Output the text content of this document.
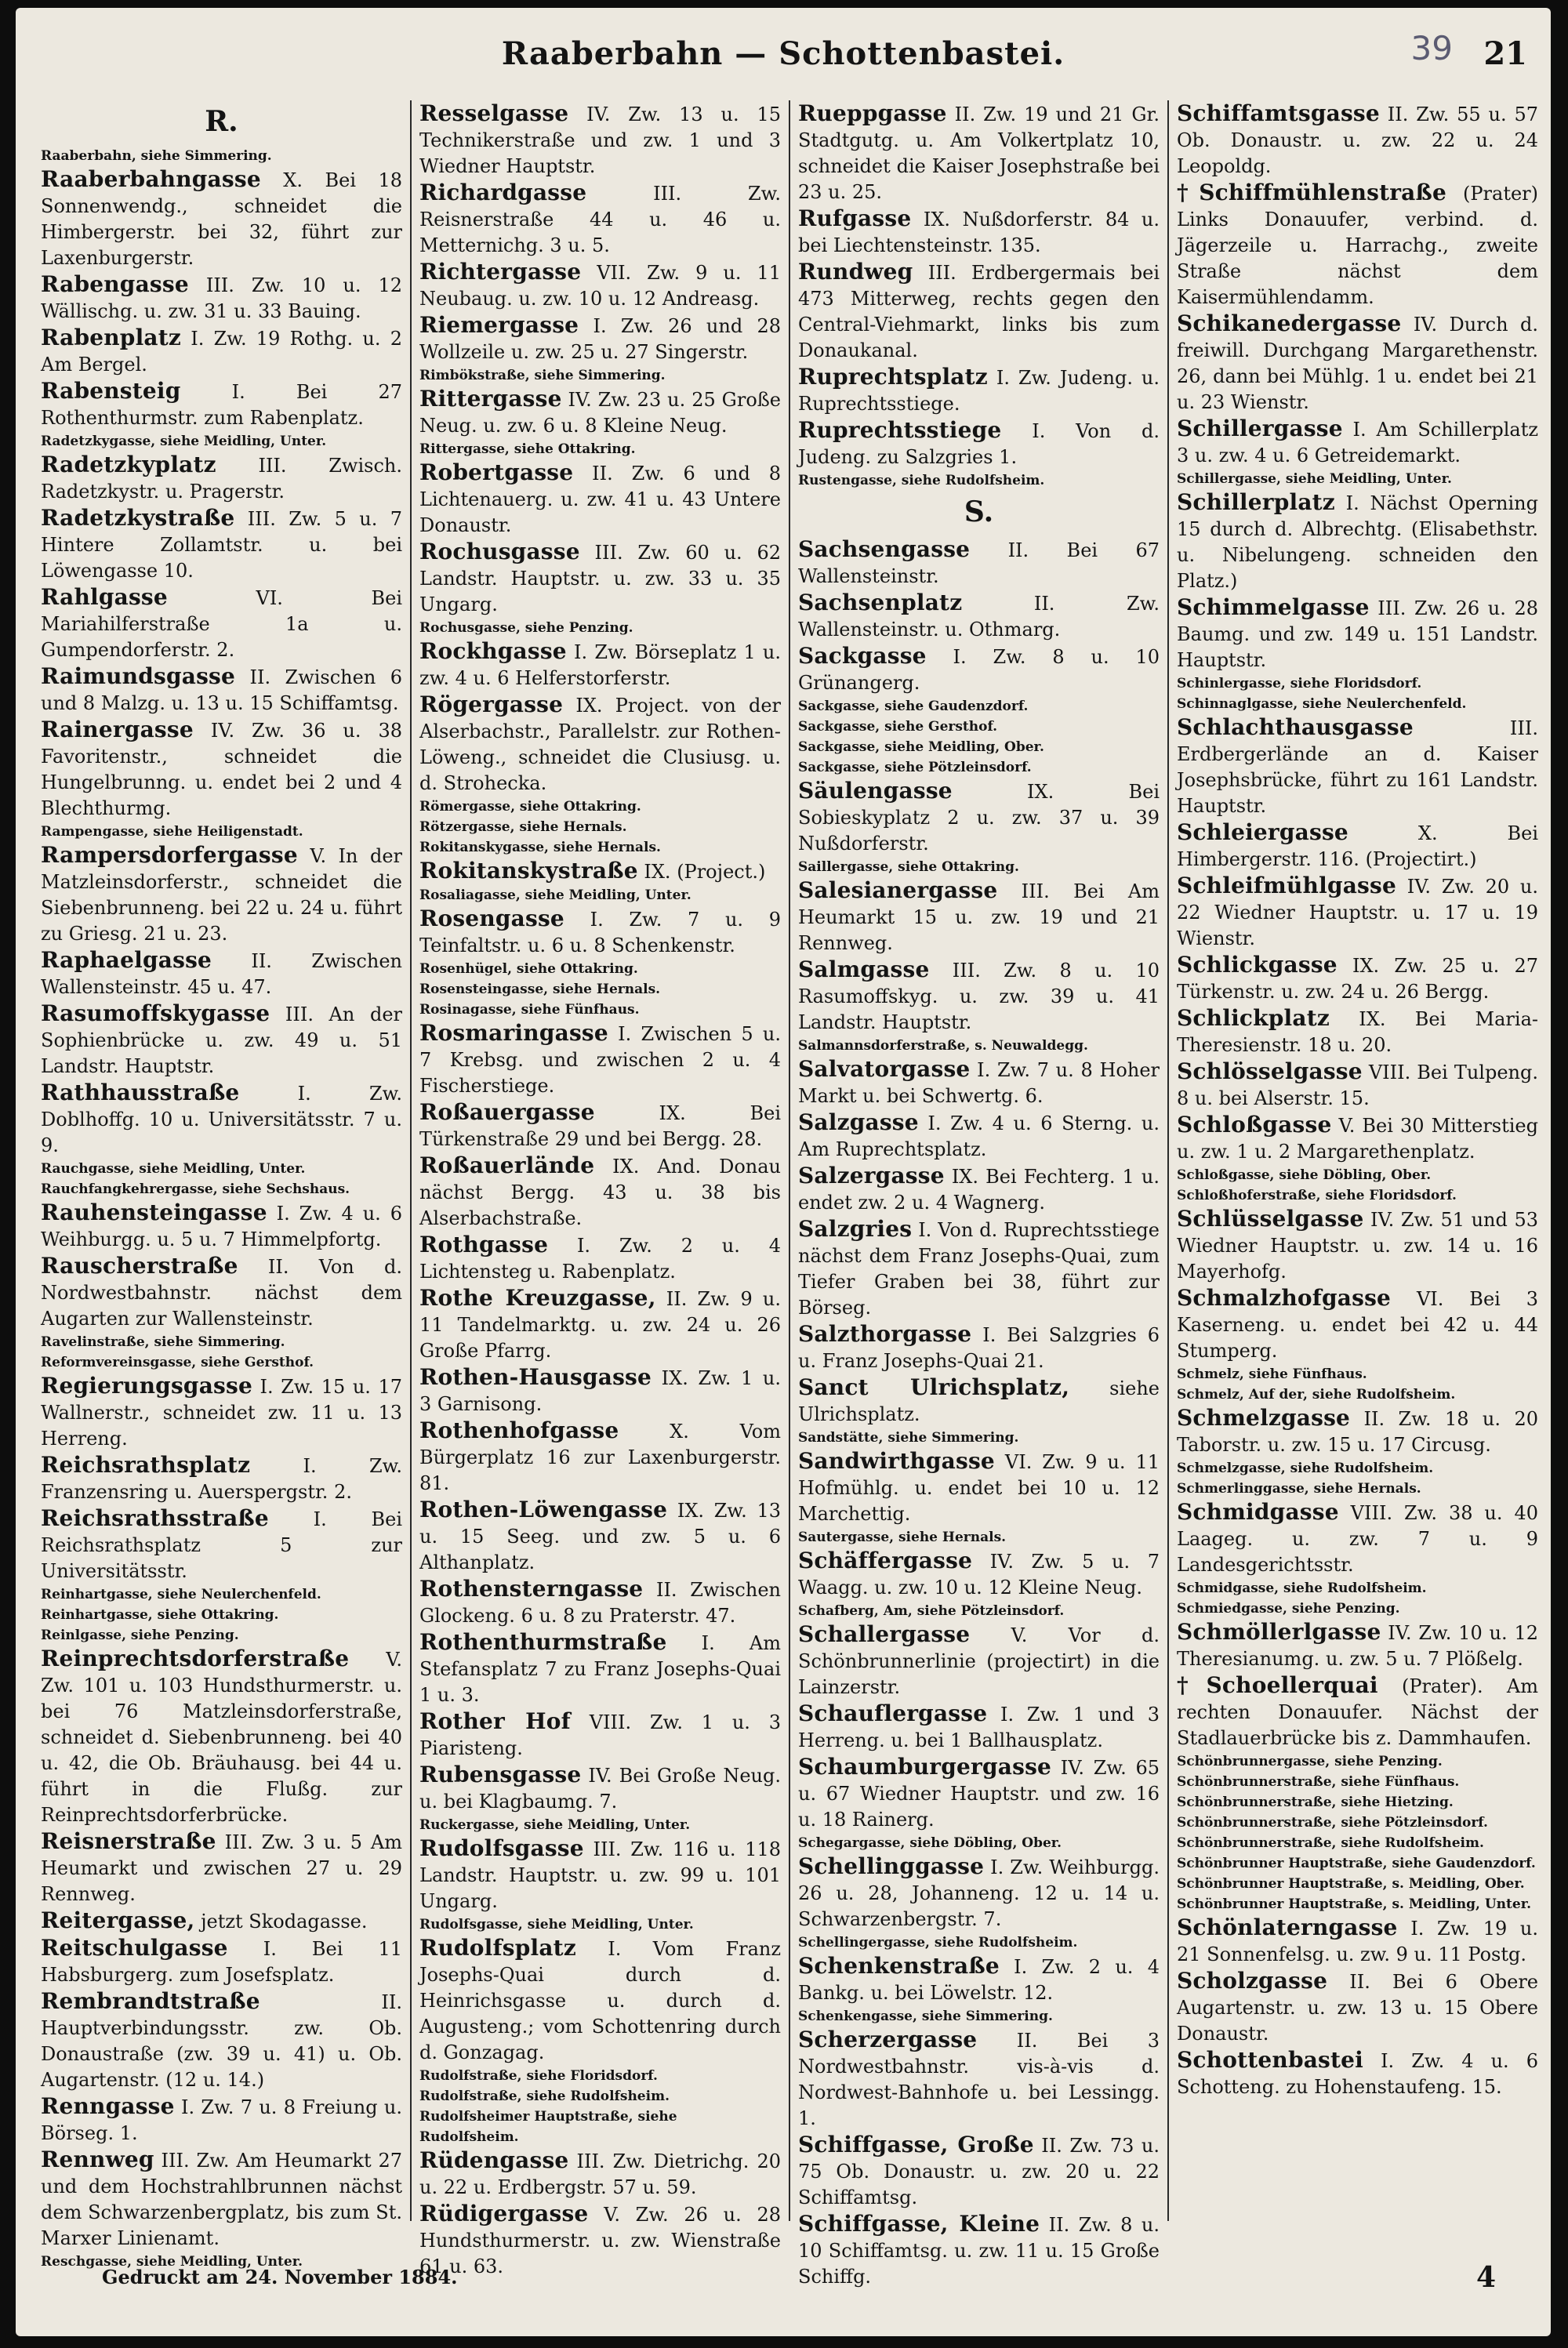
Raaberbahn — Schottenbastei.	39 21
R.

Raaberbahn, siehe Simmering.

Raaberbahngasse X. Bei 18 Sonnenwendg., schneidet die Himbergerstr. bei 32, führt zur Laxenburgerstr.

Rabengasse III. Zw. 10 u. 12 Wällischg. u. zw. 31 u. 33 Bauing.

Rabenplatz I. Zw. 19 Rothg. u. 2 Am Bergel.

Rabensteig I. Bei 27 Rothenthurmstr. zum Rabenplatz.

Radetzkygasse, siehe Meidling, Unter.

Radetzkyplatz III. Zwisch. Radetzkystr. u. Pragerstr.

Radetzkystraße III. Zw. 5 u. 7 Hintere Zollamtstr. u. bei Löwengasse 10.

Rahlgasse VI. Bei Mariahilferstraße 1a u. Gumpendorferstr. 2.

Raimundsgasse II. Zwischen 6 und 8 Malzg. u. 13 u. 15 Schiffamtsg.

Rainergasse IV. Zw. 36 u. 38 Favoritenstr., schneidet die Hungelbrunng. u. endet bei 2 und 4 Blechthurmg.

Rampengasse, siehe Heiligenstadt.

Rampersdorfergasse V. In der Matzleinsdorferstr., schneidet die Siebenbrunneng. bei 22 u. 24 u. führt zu Griesg. 21 u. 23.

Raphaelgasse II. Zwischen Wallensteinstr. 45 u. 47.

Rasumoffskygasse III. An der Sophienbrücke u. zw. 49 u. 51 Landstr. Hauptstr.

Rathhausstraße I. Zw. Doblhoffg. 10 u. Universitätsstr. 7 u. 9.

Rauchgasse, siehe Meidling, Unter.

Rauchfangkehrergasse, siehe Sechshaus.

Rauhensteingasse I. Zw. 4 u. 6 Weihburgg. u. 5 u. 7 Himmelpfortg.

Rauscherstraße II. Von d. Nordwestbahnstr. nächst dem Augarten zur Wallensteinstr.

Ravelinstraße, siehe Simmering.

Reformvereinsgasse, siehe Gersthof.

Regierungsgasse I. Zw. 15 u. 17 Wallnerstr., schneidet zw. 11 u. 13 Herreng.

Reichsrathsplatz I. Zw. Franzensring u. Auerspergstr. 2.

Reichsrathsstraße I. Bei Reichsrathsplatz 5 zur Universitätsstr.

Reinhartgasse, siehe Neulerchenfeld.

Reinhartgasse, siehe Ottakring.

Reinlgasse, siehe Penzing.

Reinprechtsdorferstraße V. Zw. 101 u. 103 Hundsthurmerstr. u. bei 76 Matzleinsdorferstraße, schneidet d. Siebenbrunneng. bei 40 u. 42, die Ob. Bräuhausg. bei 44 u. führt in die Flußg. zur Reinprechtsdorferbrücke.

Reisnerstraße III. Zw. 3 u. 5 Am Heumarkt und zwischen 27 u. 29 Rennweg.

Reitergasse, jetzt Skodagasse.

Reitschulgasse I. Bei 11 Habsburgerg. zum Josefsplatz.

Rembrandtstraße II. Hauptverbindungsstr. zw. Ob. Donaustraße (zw. 39 u. 41) u. Ob. Augartenstr. (12 u. 14.)

Renngasse I. Zw. 7 u. 8 Freiung u. Börseg. 1.

Rennweg III. Zw. Am Heumarkt 27 und dem Hochstrahlbrunnen nächst dem Schwarzenbergplatz, bis zum St. Marxer Linienamt.

Reschgasse, siehe Meidling, Unter.

Resselgasse IV. Zw. 13 u. 15 Technikerstraße und zw. 1 und 3 Wiedner Hauptstr.

Richardgasse III. Zw. Reisnerstraße 44 u. 46 u. Metternichg. 3 u. 5.

Richtergasse VII. Zw. 9 u. 11 Neubaug. u. zw. 10 u. 12 Andreasg.

Riemergasse I. Zw. 26 und 28 Wollzeile u. zw. 25 u. 27 Singerstr.

Rimbökstraße, siehe Simmering.

Rittergasse IV. Zw. 23 u. 25 Große Neug. u. zw. 6 u. 8 Kleine Neug.

Rittergasse, siehe Ottakring.

Robertgasse II. Zw. 6 und 8 Lichtenauerg. u. zw. 41 u. 43 Untere Donaustr.

Rochusgasse III. Zw. 60 u. 62 Landstr. Hauptstr. u. zw. 33 u. 35 Ungarg.

Rochusgasse, siehe Penzing.

Rockhgasse I. Zw. Börseplatz 1 u. zw. 4 u. 6 Helferstorferstr.

Rögergasse IX. Project. von der Alserbachstr., Parallelstr. zur Rothen-Löweng., schneidet die Clusiusg. u. d. Strohecka.

Römergasse, siehe Ottakring.

Rötzergasse, siehe Hernals.

Rokitanskygasse, siehe Hernals.

Rokitanskystraße IX. (Project.)

Rosaliagasse, siehe Meidling, Unter.

Rosengasse I. Zw. 7 u. 9 Teinfaltstr. u. 6 u. 8 Schenkenstr.

Rosenhügel, siehe Ottakring.

Rosensteingasse, siehe Hernals.

Rosinagasse, siehe Fünfhaus.

Rosmaringasse I. Zwischen 5 u. 7 Krebsg. und zwischen 2 u. 4 Fischerstiege.

Roßauergasse IX. Bei Türkenstraße 29 und bei Bergg. 28.

Roßauerlände IX. And. Donau nächst Bergg. 43 u. 38 bis Alserbachstraße.

Rothgasse I. Zw. 2 u. 4 Lichtensteg u. Rabenplatz.

Rothe Kreuzgasse, II. Zw. 9 u. 11 Tandelmarktg. u. zw. 24 u. 26 Große Pfarrg.

Rothen-Hausgasse IX. Zw. 1 u. 3 Garnisong.

Rothenhofgasse X. Vom Bürgerplatz 16 zur Laxenburgerstr. 81.

Rothen-Löwengasse IX. Zw. 13 u. 15 Seeg. und zw. 5 u. 6 Althanplatz.

Rothensterngasse II. Zwischen Glockeng. 6 u. 8 zu Praterstr. 47.

Rothenthurmstraße I. Am Stefansplatz 7 zu Franz Josephs-Quai 1 u. 3.

Rother Hof VIII. Zw. 1 u. 3 Piaristeng.

Rubensgasse IV. Bei Große Neug. u. bei Klagbaumg. 7.

Ruckergasse, siehe Meidling, Unter.

Rudolfsgasse III. Zw. 116 u. 118 Landstr. Hauptstr. u. zw. 99 u. 101 Ungarg.

Rudolfsgasse, siehe Meidling, Unter.

Rudolfsplatz I. Vom Franz Josephs-Quai durch d. Heinrichsgasse u. durch d. Augusteng.; vom Schottenring durch d. Gonzagag.

Rudolfstraße, siehe Floridsdorf.

Rudolfstraße, siehe Rudolfsheim.

Rudolfsheimer Hauptstraße, siehe Rudolfsheim.

Rüdengasse III. Zw. Dietrichg. 20 u. 22 u. Erdbergstr. 57 u. 59.

Rüdigergasse V. Zw. 26 u. 28 Hundsthurmerstr. u. zw. Wienstraße 61 u. 63.

Rueppgasse II. Zw. 19 und 21 Gr. Stadtgutg. u. Am Volkertplatz 10, schneidet die Kaiser Josephstraße bei 23 u. 25.

Rufgasse IX. Nußdorferstr. 84 u. bei Liechtensteinstr. 135.

Rundweg III. Erdbergermais bei 473 Mitterweg, rechts gegen den Central-Viehmarkt, links bis zum Donaukanal.

Ruprechtsplatz I. Zw. Judeng. u. Ruprechtsstiege.

Ruprechtsstiege I. Von d. Judeng. zu Salzgries 1.

Rustengasse, siehe Rudolfsheim.

S.

Sachsengasse II. Bei 67 Wallensteinstr.

Sachsenplatz II. Zw. Wallensteinstr. u. Othmarg.

Sackgasse I. Zw. 8 u. 10 Grünangerg.

Sackgasse, siehe Gaudenzdorf.

Sackgasse, siehe Gersthof.

Sackgasse, siehe Meidling, Ober.

Sackgasse, siehe Pötzleinsdorf.

Säulengasse IX. Bei Sobieskyplatz 2 u. zw. 37 u. 39 Nußdorferstr.

Saillergasse, siehe Ottakring.

Salesianergasse III. Bei Am Heumarkt 15 u. zw. 19 und 21 Rennweg.

Salmgasse III. Zw. 8 u. 10 Rasumoffskyg. u. zw. 39 u. 41 Landstr. Hauptstr.

Salmannsdorferstraße, s. Neuwaldegg.

Salvatorgasse I. Zw. 7 u. 8 Hoher Markt u. bei Schwertg. 6.

Salzgasse I. Zw. 4 u. 6 Sterng. u. Am Ruprechtsplatz.

Salzergasse IX. Bei Fechterg. 1 u. endet zw. 2 u. 4 Wagnerg.

Salzgries I. Von d. Ruprechtsstiege nächst dem Franz Josephs-Quai, zum Tiefer Graben bei 38, führt zur Börseg.

Salzthorgasse I. Bei Salzgries 6 u. Franz Josephs-Quai 21.

Sanct Ulrichsplatz, siehe Ulrichsplatz.

Sandstätte, siehe Simmering.

Sandwirthgasse VI. Zw. 9 u. 11 Hofmühlg. u. endet bei 10 u. 12 Marchettig.

Sautergasse, siehe Hernals.

Schäffergasse IV. Zw. 5 u. 7 Waagg. u. zw. 10 u. 12 Kleine Neug.

Schafberg, Am, siehe Pötzleinsdorf.

Schallergasse V. Vor d. Schönbrunnerlinie (projectirt) in die Lainzerstr.

Schauflergasse I. Zw. 1 und 3 Herreng. u. bei 1 Ballhausplatz.

Schaumburgergasse IV. Zw. 65 u. 67 Wiedner Hauptstr. und zw. 16 u. 18 Rainerg.

Schegargasse, siehe Döbling, Ober.

Schellinggasse I. Zw. Weihburgg. 26 u. 28, Johanneng. 12 u. 14 u. Schwarzenbergstr. 7.

Schellingergasse, siehe Rudolfsheim.

Schenkenstraße I. Zw. 2 u. 4 Bankg. u. bei Löwelstr. 12.

Schenkengasse, siehe Simmering.

Scherzergasse II. Bei 3 Nordwestbahnstr. vis-à-vis d. Nordwest-Bahnhofe u. bei Lessingg. 1.

Schiffgasse, Große II. Zw. 73 u. 75 Ob. Donaustr. u. zw. 20 u. 22 Schiffamtsg.

Schiffgasse, Kleine II. Zw. 8 u. 10 Schiffamtsg. u. zw. 11 u. 15 Große Schiffg.

Schiffamtsgasse II. Zw. 55 u. 57 Ob. Donaustr. u. zw. 22 u. 24 Leopoldg.

†Schiffmühlenstraße (Prater) Links Donauufer, verbind. d. Jägerzeile u. Harrachg., zweite Straße nächst dem Kaisermühlendamm.

Schikanedergasse IV. Durch d. freiwill. Durchgang Margarethenstr. 26, dann bei Mühlg. 1 u. endet bei 21 u. 23 Wienstr.

Schillergasse I. Am Schillerplatz 3 u. zw. 4 u. 6 Getreidemarkt.

Schillergasse, siehe Meidling, Unter.

Schillerplatz I. Nächst Operning 15 durch d. Albrechtg. (Elisabethstr. u. Nibelungeng. schneiden den Platz.)

Schimmelgasse III. Zw. 26 u. 28 Baumg. und zw. 149 u. 151 Landstr. Hauptstr.

Schinlergasse, siehe Floridsdorf.

Schinnaglgasse, siehe Neulerchenfeld.

Schlachthausgasse III. Erdbergerlände an d. Kaiser Josephsbrücke, führt zu 161 Landstr. Hauptstr.

Schleiergasse X. Bei Himbergerstr. 116. (Projectirt.)

Schleifmühlgasse IV. Zw. 20 u. 22 Wiedner Hauptstr. u. 17 u. 19 Wienstr.

Schlickgasse IX. Zw. 25 u. 27 Türkenstr. u. zw. 24 u. 26 Bergg.

Schlickplatz IX. Bei Maria-Theresienstr. 18 u. 20.

Schlösselgasse VIII. Bei Tulpeng. 8 u. bei Alserstr. 15.

Schloßgasse V. Bei 30 Mitterstieg u. zw. 1 u. 2 Margarethenplatz.

Schloßgasse, siehe Döbling, Ober.

Schloßhoferstraße, siehe Floridsdorf.

Schlüsselgasse IV. Zw. 51 und 53 Wiedner Hauptstr. u. zw. 14 u. 16 Mayerhofg.

Schmalzhofgasse VI. Bei 3 Kaserneng. u. endet bei 42 u. 44 Stumperg.

Schmelz, siehe Fünfhaus.

Schmelz, Auf der, siehe Rudolfsheim.

Schmelzgasse II. Zw. 18 u. 20 Taborstr. u. zw. 15 u. 17 Circusg.

Schmelzgasse, siehe Rudolfsheim.

Schmerlinggasse, siehe Hernals.

Schmidgasse VIII. Zw. 38 u. 40 Laageg. u. zw. 7 u. 9 Landesgerichtsstr.

Schmidgasse, siehe Rudolfsheim.

Schmiedgasse, siehe Penzing.

Schmöllerlgasse IV. Zw. 10 u. 12 Theresianumg. u. zw. 5 u. 7 Plößelg.

†Schoellerquai (Prater). Am rechten Donauufer. Nächst der Stadlauerbrücke bis z. Dammhaufen.

Schönbrunnergasse, siehe Penzing.

Schönbrunnerstraße, siehe Fünfhaus.

Schönbrunnerstraße, siehe Hietzing.

Schönbrunnerstraße, siehe Pötzleinsdorf.

Schönbrunnerstraße, siehe Rudolfsheim.

Schönbrunner Hauptstraße, siehe Gaudenzdorf.

Schönbrunner Hauptstraße, s. Meidling, Ober.

Schönbrunner Hauptstraße, s. Meidling, Unter.

Schönlaterngasse I. Zw. 19 u. 21 Sonnenfelsg. u. zw. 9 u. 11 Postg.

Scholzgasse II. Bei 6 Obere Augartenstr. u. zw. 13 u. 15 Obere Donaustr.

Schottenbastei I. Zw. 4 u. 6 Schotteng. zu Hohenstaufeng. 15.

Gedruckt am 24. November 1884.	4
